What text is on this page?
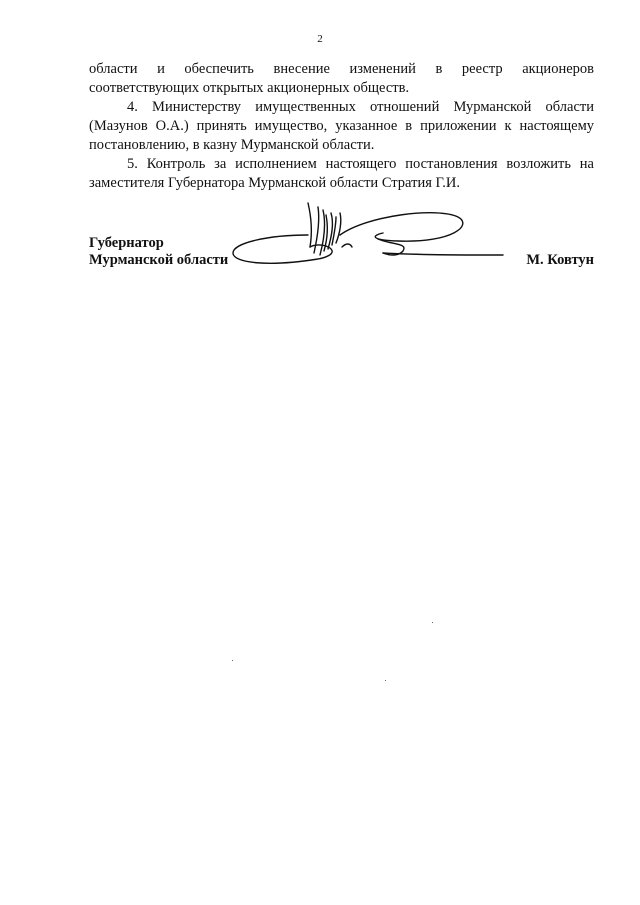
2

области и обеспечить внесение изменений в реестр акционеров соответствующих открытых акционерных обществ.

4. Министерству имущественных отношений Мурманской области (Мазунов О.А.) принять имущество, указанное в приложении к настоящему постановлению, в казну Мурманской области.

5. Контроль за исполнением настоящего постановления возложить на заместителя Губернатора Мурманской области Стратия Г.И.

Губернатор
Мурманской области	М. Ковтун
